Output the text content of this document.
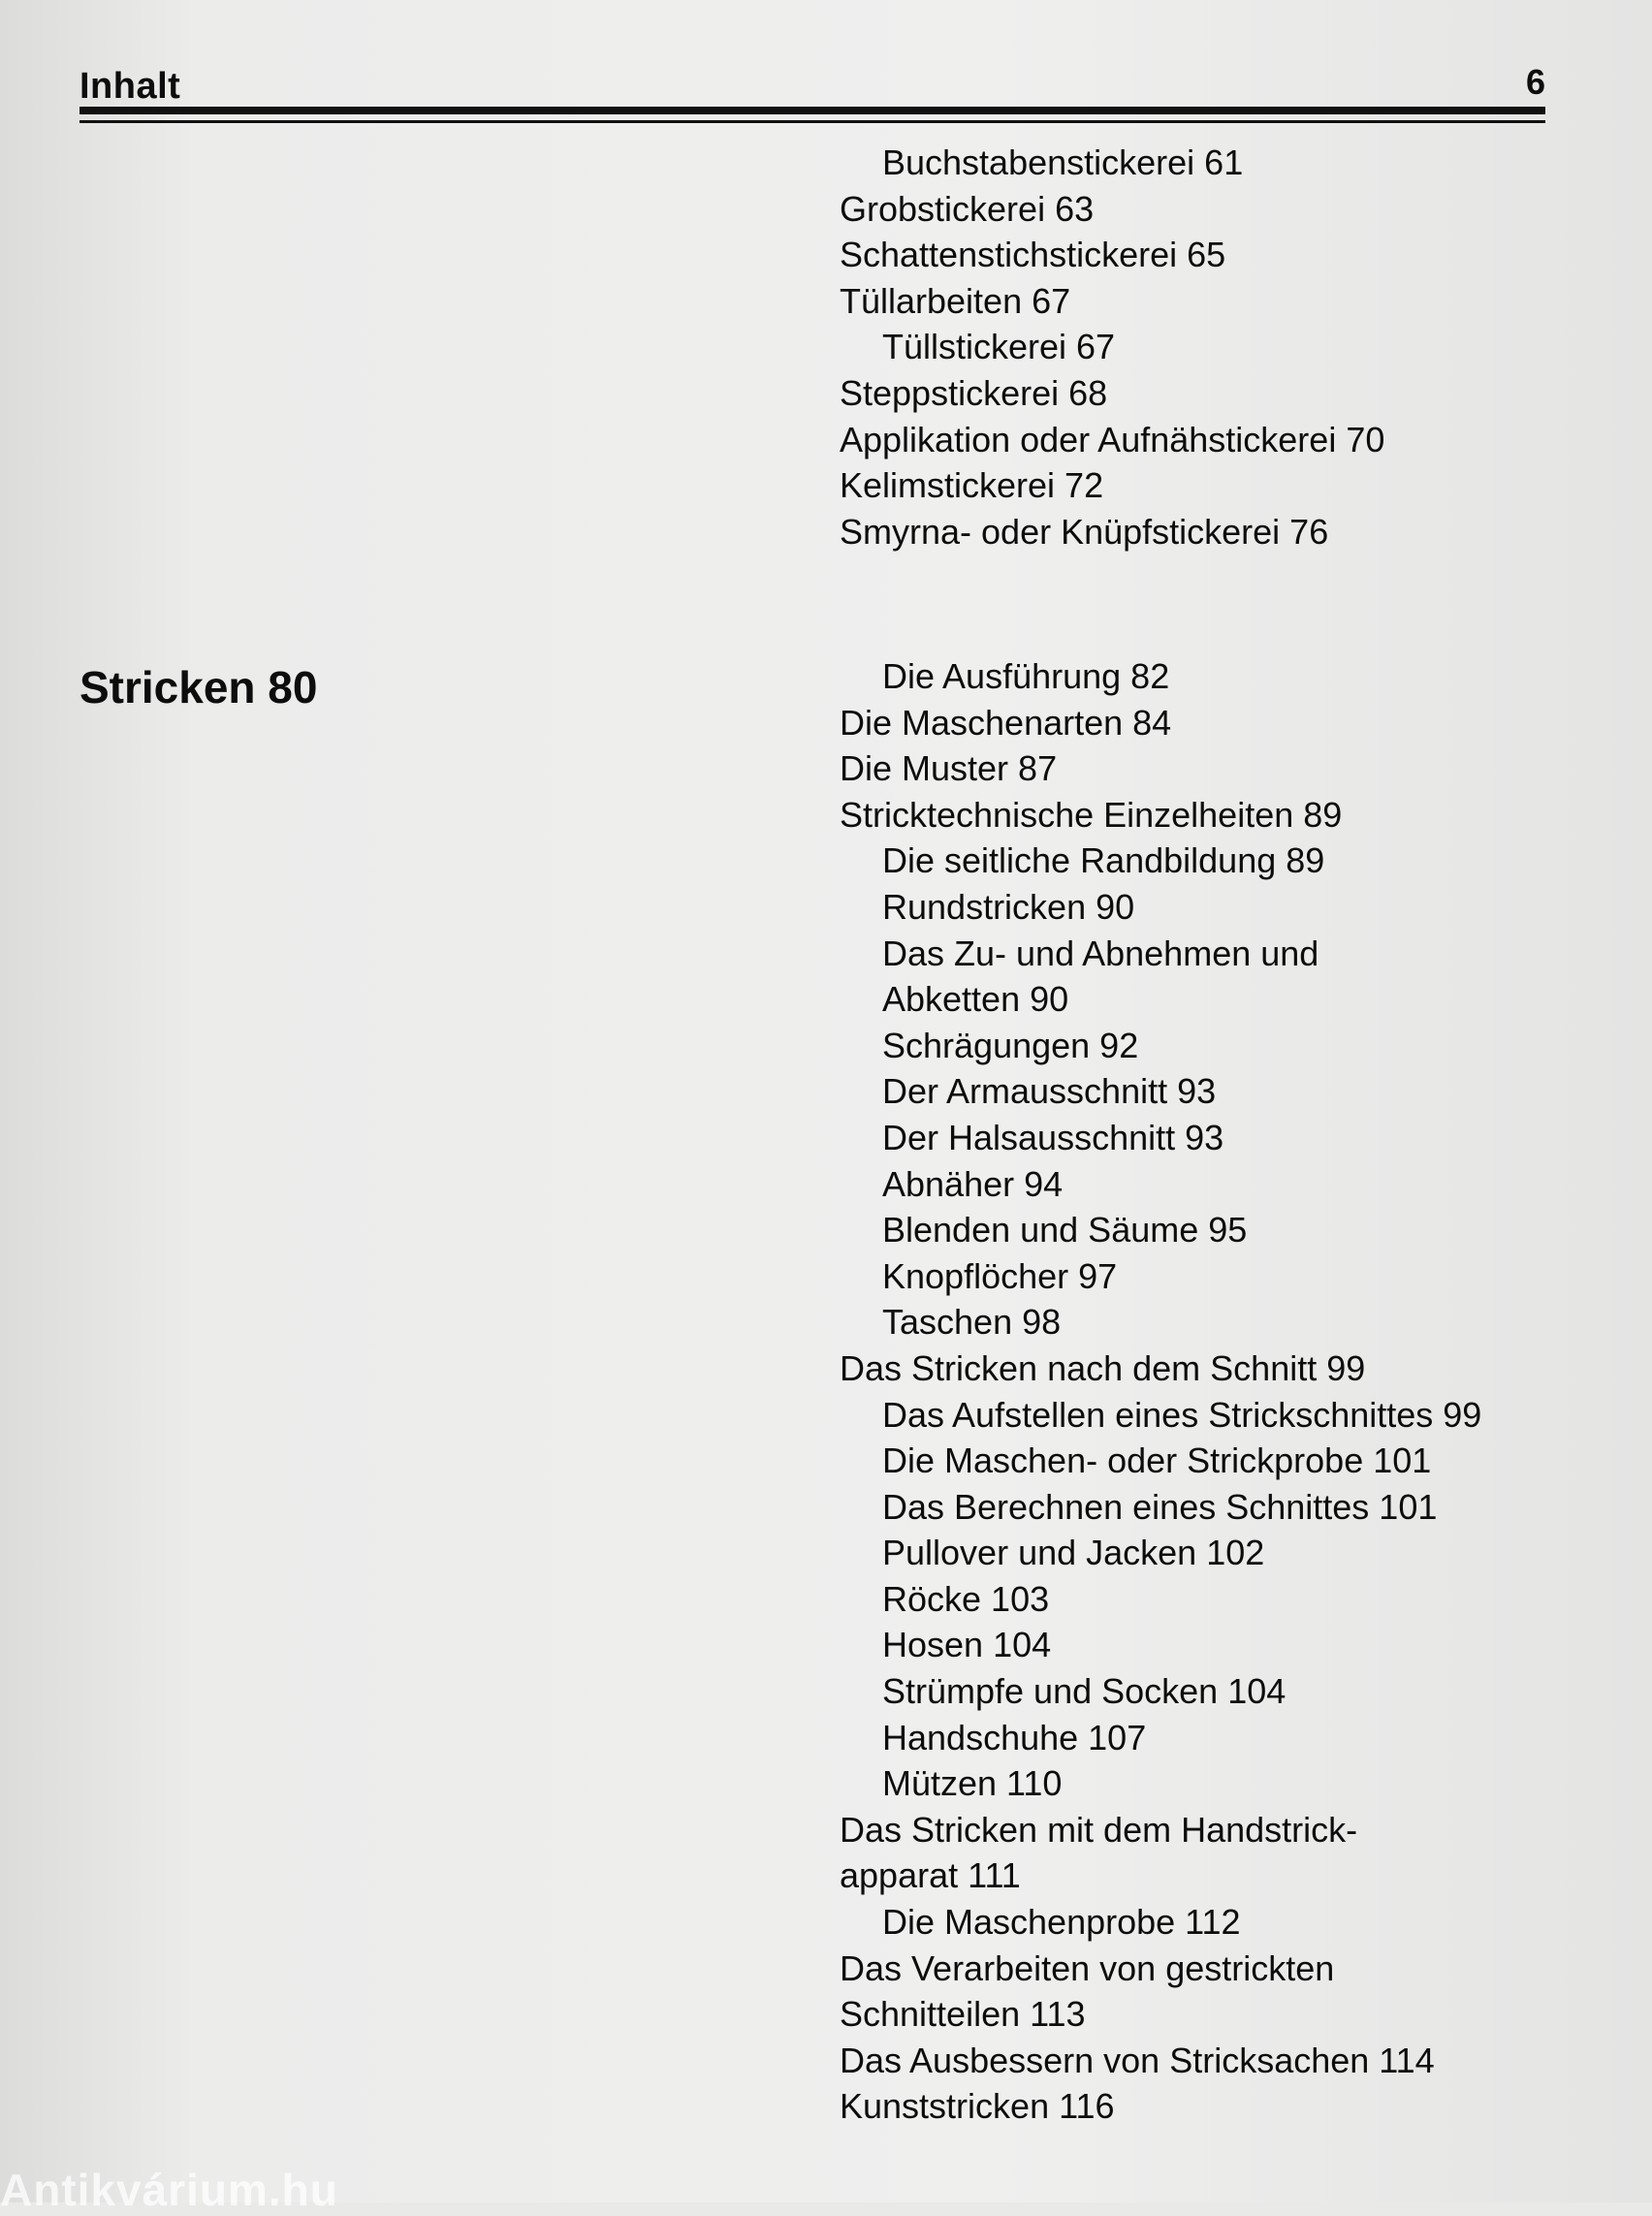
Inhalt	6
Buchstabenstickerei 61
Grobstickerei 63
Schattenstichstickerei 65
Tüllarbeiten 67
Tüllstickerei 67
Steppstickerei 68
Applikation oder Aufnähstickerei 70
Kelimstickerei 72
Smyrna- oder Knüpfstickerei 76
Stricken 80	Die Ausführung 82
Die Maschenarten 84
Die Muster 87
Stricktechnische Einzelheiten 89
Die seitliche Randbildung 89
Rundstricken 90
Das Zu- und Abnehmen und
Abketten 90
Schrägungen 92
Der Armausschnitt 93
Der Halsausschnitt 93
Abnäher 94
Blenden und Säume 95
Knopflöcher 97
Taschen 98
Das Stricken nach dem Schnitt 99
Das Aufstellen eines Strickschnittes 99
Die Maschen- oder Strickprobe 101
Das Berechnen eines Schnittes 101
Pullover und Jacken 102
Röcke 103
Hosen 104
Strümpfe und Socken 104
Handschuhe 107
Mützen 110
Das Stricken mit dem Handstrick-
apparat 111
Die Maschenprobe 112
Das Verarbeiten von gestrickten
Schnitteilen 113
Das Ausbessern von Stricksachen 114
Kunststricken 116
Antikvárium.hu
